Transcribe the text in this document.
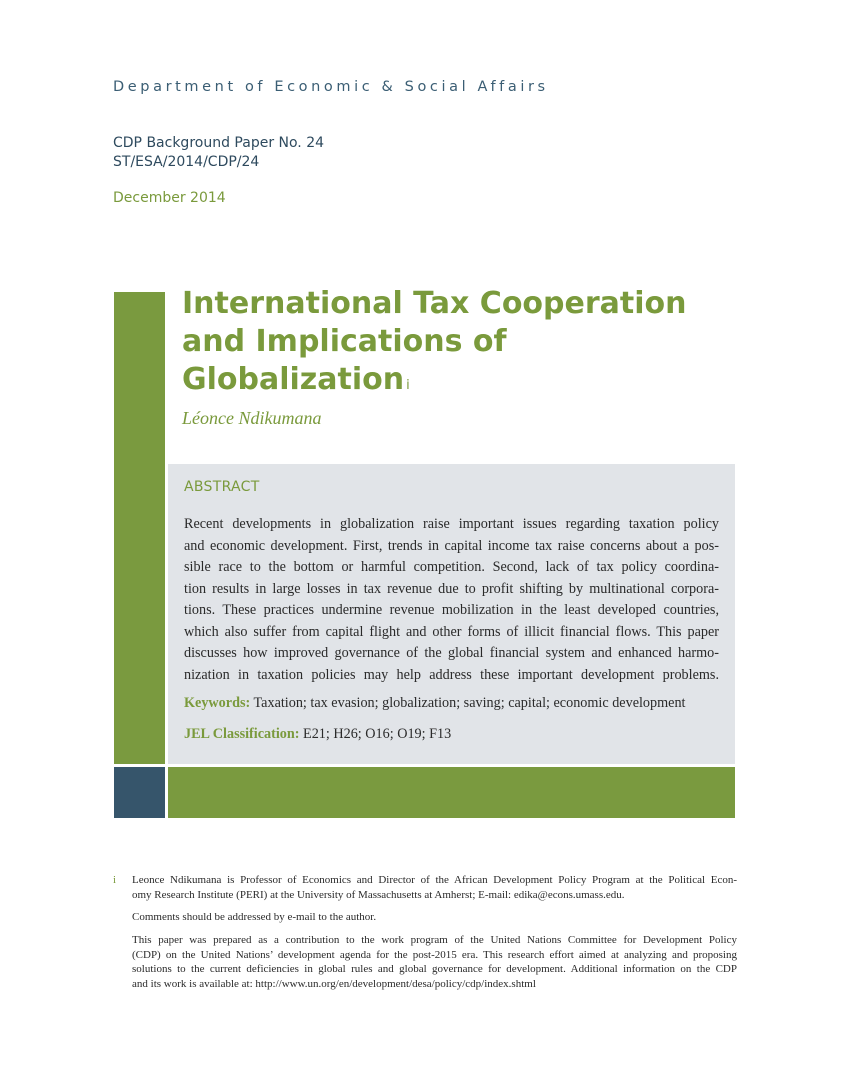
Department of Economic & Social Affairs
CDP Background Paper No. 24
ST/ESA/2014/CDP/24
December 2014
International Tax Cooperation
and Implications of Globalization $^i$
Léonce Ndikumana
ABSTRACT
Recent developments in globalization raise important issues regarding taxation policy
and economic development. First, trends in capital income tax raise concerns about a pos-
sible race to the bottom or harmful competition. Second, lack of tax policy coordina-
tion results in large losses in tax revenue due to profit shifting by multinational corpora-
tions. These practices undermine revenue mobilization in the least developed countries,
which also suffer from capital flight and other forms of illicit financial flows. This paper
discusses how improved governance of the global financial system and enhanced harmo-
nization in taxation policies may help address these important development problems.
Keywords: Taxation; tax evasion; globalization; saving; capital; economic development
JEL Classification: E21; H26; O16; O19; F13
i Leonce Ndikumana is Professor of Economics and Director of the African Development Policy Program at the Political Econ-
omy Research Institute (PERI) at the University of Massachusetts at Amherst; E-mail: edika@econs.umass.edu.
Comments should be addressed by e-mail to the author.
This paper was prepared as a contribution to the work program of the United Nations Committee for Development Policy
(CDP) on the United Nations’ development agenda for the post-2015 era. This research effort aimed at analyzing and proposing
solutions to the current deficiencies in global rules and global governance for development. Additional information on the CDP
and its work is available at: http://www.un.org/en/development/desa/policy/cdp/index.shtml
